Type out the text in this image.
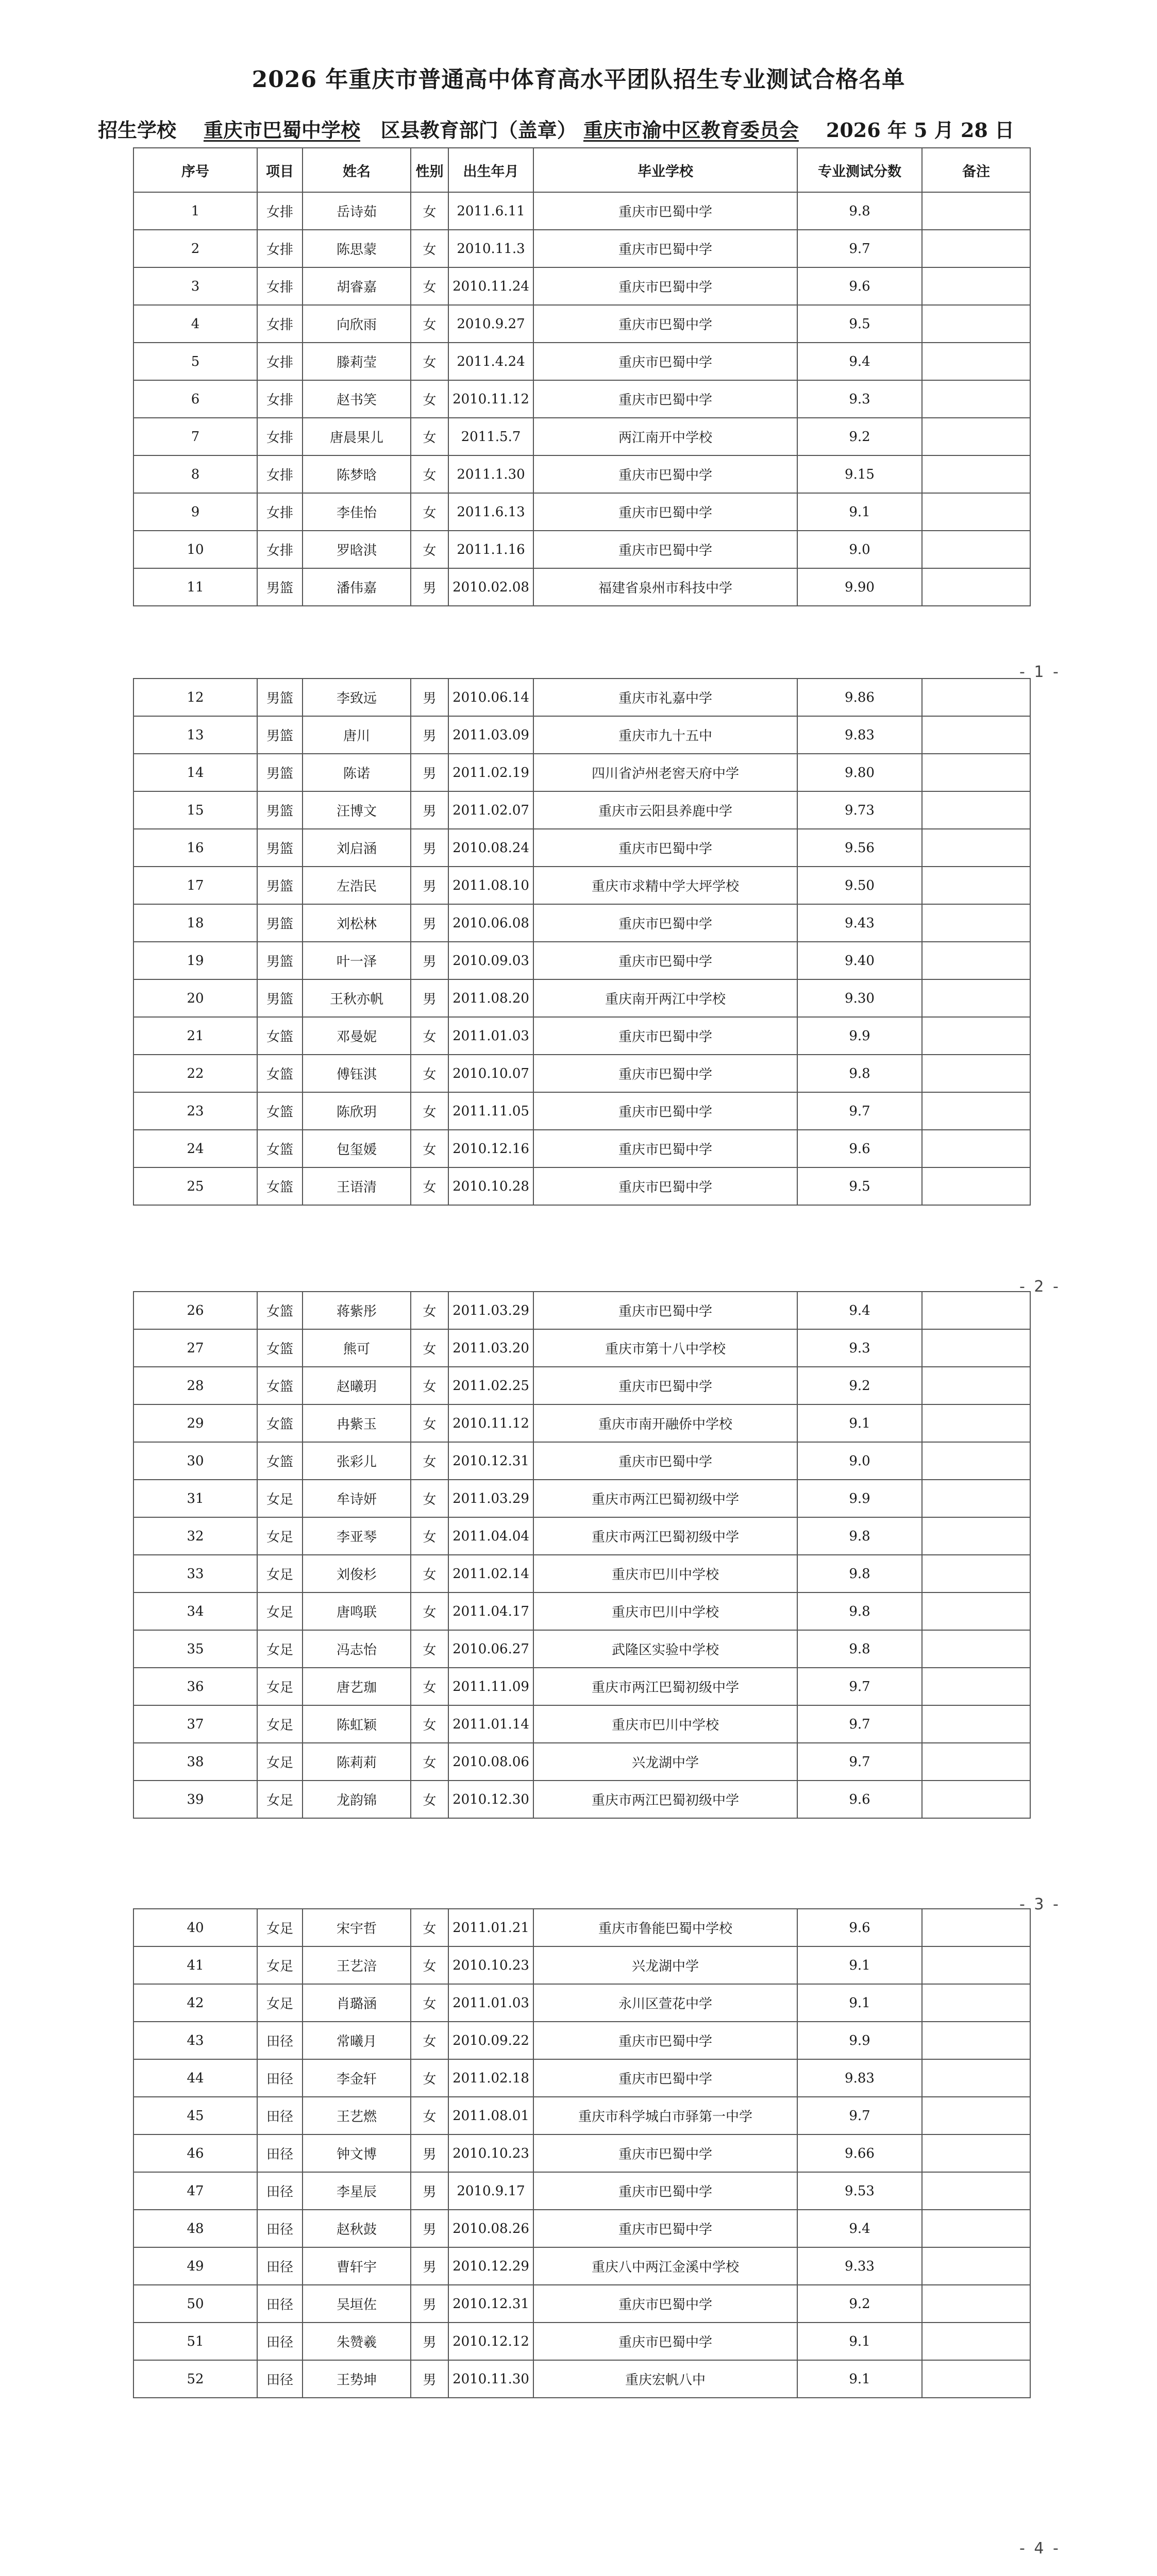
2026 年重庆市普通高中体育高水平团队招生专业测试合格名单
招生学校 重庆市巴蜀中学校 区县教育部门（盖章） 重庆市渝中区教育委员会 2026 年 5 月 28 日
序号	项目	姓名	性别	出生年月	毕业学校	专业测试分数	备注
1	女排	岳诗茹	女	2011.6.11	重庆市巴蜀中学	9.8	
2	女排	陈思蒙	女	2010.11.3	重庆市巴蜀中学	9.7	
3	女排	胡睿嘉	女	2010.11.24	重庆市巴蜀中学	9.6	
4	女排	向欣雨	女	2010.9.27	重庆市巴蜀中学	9.5	
5	女排	滕莉莹	女	2011.4.24	重庆市巴蜀中学	9.4	
6	女排	赵书笑	女	2010.11.12	重庆市巴蜀中学	9.3	
7	女排	唐晨果儿	女	2011.5.7	两江南开中学校	9.2	
8	女排	陈梦晗	女	2011.1.30	重庆市巴蜀中学	9.15	
9	女排	李佳怡	女	2011.6.13	重庆市巴蜀中学	9.1	
10	女排	罗晗淇	女	2011.1.16	重庆市巴蜀中学	9.0	
11	男篮	潘伟嘉	男	2010.02.08	福建省泉州市科技中学	9.90	
- 1 -
12	男篮	李致远	男	2010.06.14	重庆市礼嘉中学	9.86	
13	男篮	唐川	男	2011.03.09	重庆市九十五中	9.83	
14	男篮	陈诺	男	2011.02.19	四川省泸州老窖天府中学	9.80	
15	男篮	汪博文	男	2011.02.07	重庆市云阳县养鹿中学	9.73	
16	男篮	刘启涵	男	2010.08.24	重庆市巴蜀中学	9.56	
17	男篮	左浩民	男	2011.08.10	重庆市求精中学大坪学校	9.50	
18	男篮	刘松林	男	2010.06.08	重庆市巴蜀中学	9.43	
19	男篮	叶一泽	男	2010.09.03	重庆市巴蜀中学	9.40	
20	男篮	王秋亦帆	男	2011.08.20	重庆南开两江中学校	9.30	
21	女篮	邓曼妮	女	2011.01.03	重庆市巴蜀中学	9.9	
22	女篮	傅钰淇	女	2010.10.07	重庆市巴蜀中学	9.8	
23	女篮	陈欣玥	女	2011.11.05	重庆市巴蜀中学	9.7	
24	女篮	包玺媛	女	2010.12.16	重庆市巴蜀中学	9.6	
25	女篮	王语清	女	2010.10.28	重庆市巴蜀中学	9.5	
- 2 -
26	女篮	蒋紫彤	女	2011.03.29	重庆市巴蜀中学	9.4	
27	女篮	熊可	女	2011.03.20	重庆市第十八中学校	9.3	
28	女篮	赵曦玥	女	2011.02.25	重庆市巴蜀中学	9.2	
29	女篮	冉紫玉	女	2010.11.12	重庆市南开融侨中学校	9.1	
30	女篮	张彩儿	女	2010.12.31	重庆市巴蜀中学	9.0	
31	女足	牟诗妍	女	2011.03.29	重庆市两江巴蜀初级中学	9.9	
32	女足	李亚琴	女	2011.04.04	重庆市两江巴蜀初级中学	9.8	
33	女足	刘俊杉	女	2011.02.14	重庆市巴川中学校	9.8	
34	女足	唐鸣联	女	2011.04.17	重庆市巴川中学校	9.8	
35	女足	冯志怡	女	2010.06.27	武隆区实验中学校	9.8	
36	女足	唐艺珈	女	2011.11.09	重庆市两江巴蜀初级中学	9.7	
37	女足	陈虹颖	女	2011.01.14	重庆市巴川中学校	9.7	
38	女足	陈莉莉	女	2010.08.06	兴龙湖中学	9.7	
39	女足	龙韵锦	女	2010.12.30	重庆市两江巴蜀初级中学	9.6	
- 3 -
40	女足	宋宇哲	女	2011.01.21	重庆市鲁能巴蜀中学校	9.6	
41	女足	王艺涪	女	2010.10.23	兴龙湖中学	9.1	
42	女足	肖璐涵	女	2011.01.03	永川区萱花中学	9.1	
43	田径	常曦月	女	2010.09.22	重庆市巴蜀中学	9.9	
44	田径	李金轩	女	2011.02.18	重庆市巴蜀中学	9.83	
45	田径	王艺燃	女	2011.08.01	重庆市科学城白市驿第一中学	9.7	
46	田径	钟文博	男	2010.10.23	重庆市巴蜀中学	9.66	
47	田径	李星辰	男	2010.9.17	重庆市巴蜀中学	9.53	
48	田径	赵秋鼓	男	2010.08.26	重庆市巴蜀中学	9.4	
49	田径	曹轩宇	男	2010.12.29	重庆八中两江金溪中学校	9.33	
50	田径	吴垣佐	男	2010.12.31	重庆市巴蜀中学	9.2	
51	田径	朱赞羲	男	2010.12.12	重庆市巴蜀中学	9.1	
52	田径	王势坤	男	2010.11.30	重庆宏帆八中	9.1	
- 4 -
